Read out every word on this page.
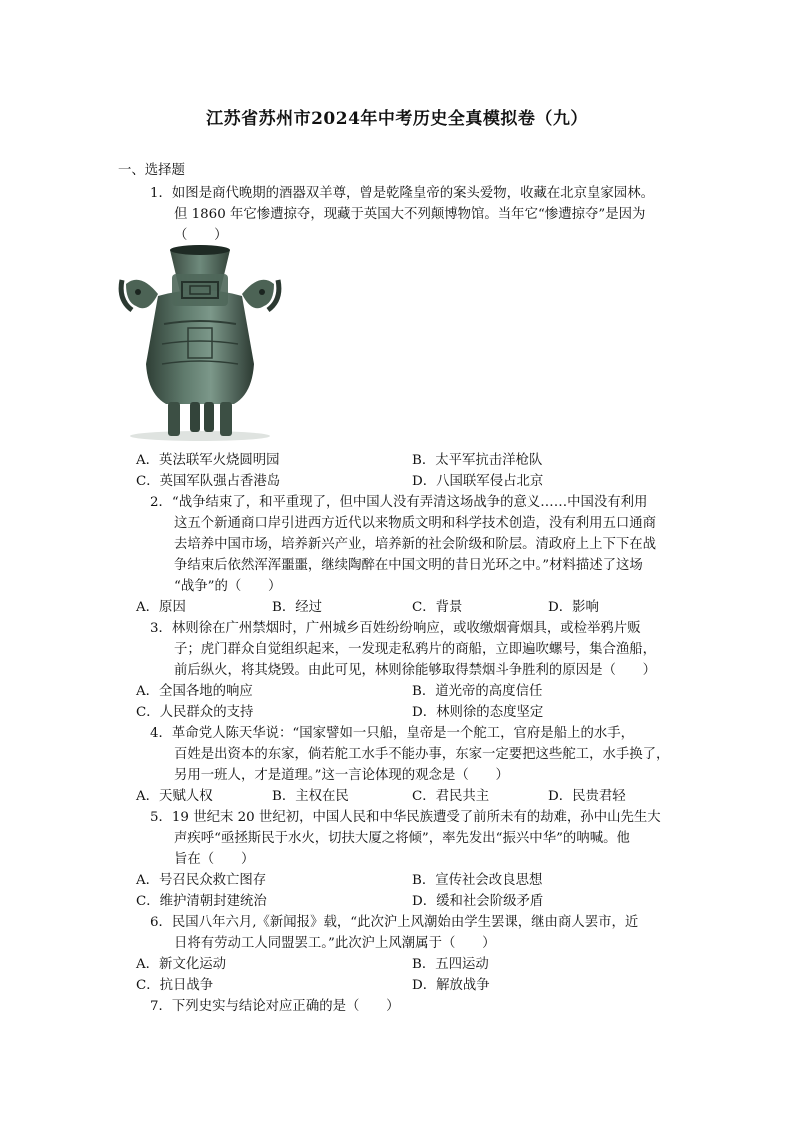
江苏省苏州市2024年中考历史全真模拟卷（九）
一、选择题
1．如图是商代晚期的酒器双羊尊，曾是乾隆皇帝的案头爱物，收藏在北京皇家园林。
但 1860 年它惨遭掠夺，现藏于英国大不列颠博物馆。当年它“惨遭掠夺”是因为
（　　）
A．英法联军火烧圆明园	B．太平军抗击洋枪队
C．英国军队强占香港岛	D．八国联军侵占北京
2．“战争结束了，和平重现了，但中国人没有弄清这场战争的意义……中国没有利用
这五个新通商口岸引进西方近代以来物质文明和科学技术创造，没有利用五口通商
去培养中国市场，培养新兴产业，培养新的社会阶级和阶层。清政府上上下下在战
争结束后依然浑浑噩噩，继续陶醉在中国文明的昔日光环之中。”材料描述了这场
“战争”的（　　）
A．原因	B．经过	C．背景	D．影响
3．林则徐在广州禁烟时，广州城乡百姓纷纷响应，或收缴烟膏烟具，或检举鸦片贩
子；虎门群众自觉组织起来，一发现走私鸦片的商船，立即遍吹螺号，集合渔船，
前后纵火，将其烧毁。由此可见，林则徐能够取得禁烟斗争胜利的原因是（　　）
A．全国各地的响应	B．道光帝的高度信任
C．人民群众的支持	D．林则徐的态度坚定
4．革命党人陈天华说：“国家譬如一只船，皇帝是一个舵工，官府是船上的水手，
百姓是出资本的东家，倘若舵工水手不能办事，东家一定要把这些舵工，水手换了，
另用一班人，才是道理。”这一言论体现的观念是（　　）
A．天赋人权	B．主权在民	C．君民共主	D．民贵君轻
5．19 世纪末 20 世纪初，中国人民和中华民族遭受了前所未有的劫难，孙中山先生大
声疾呼“亟拯斯民于水火，切扶大厦之将倾”，率先发出“振兴中华”的呐喊。他
旨在（　　）
A．号召民众救亡图存	B．宣传社会改良思想
C．维护清朝封建统治	D．缓和社会阶级矛盾
6．民国八年六月,《新闻报》载，“此次沪上风潮始由学生罢课，继由商人罢市，近
日将有劳动工人同盟罢工。”此次沪上风潮属于（　　）
A．新文化运动	B．五四运动
C．抗日战争	D．解放战争
7．下列史实与结论对应正确的是（　　）
